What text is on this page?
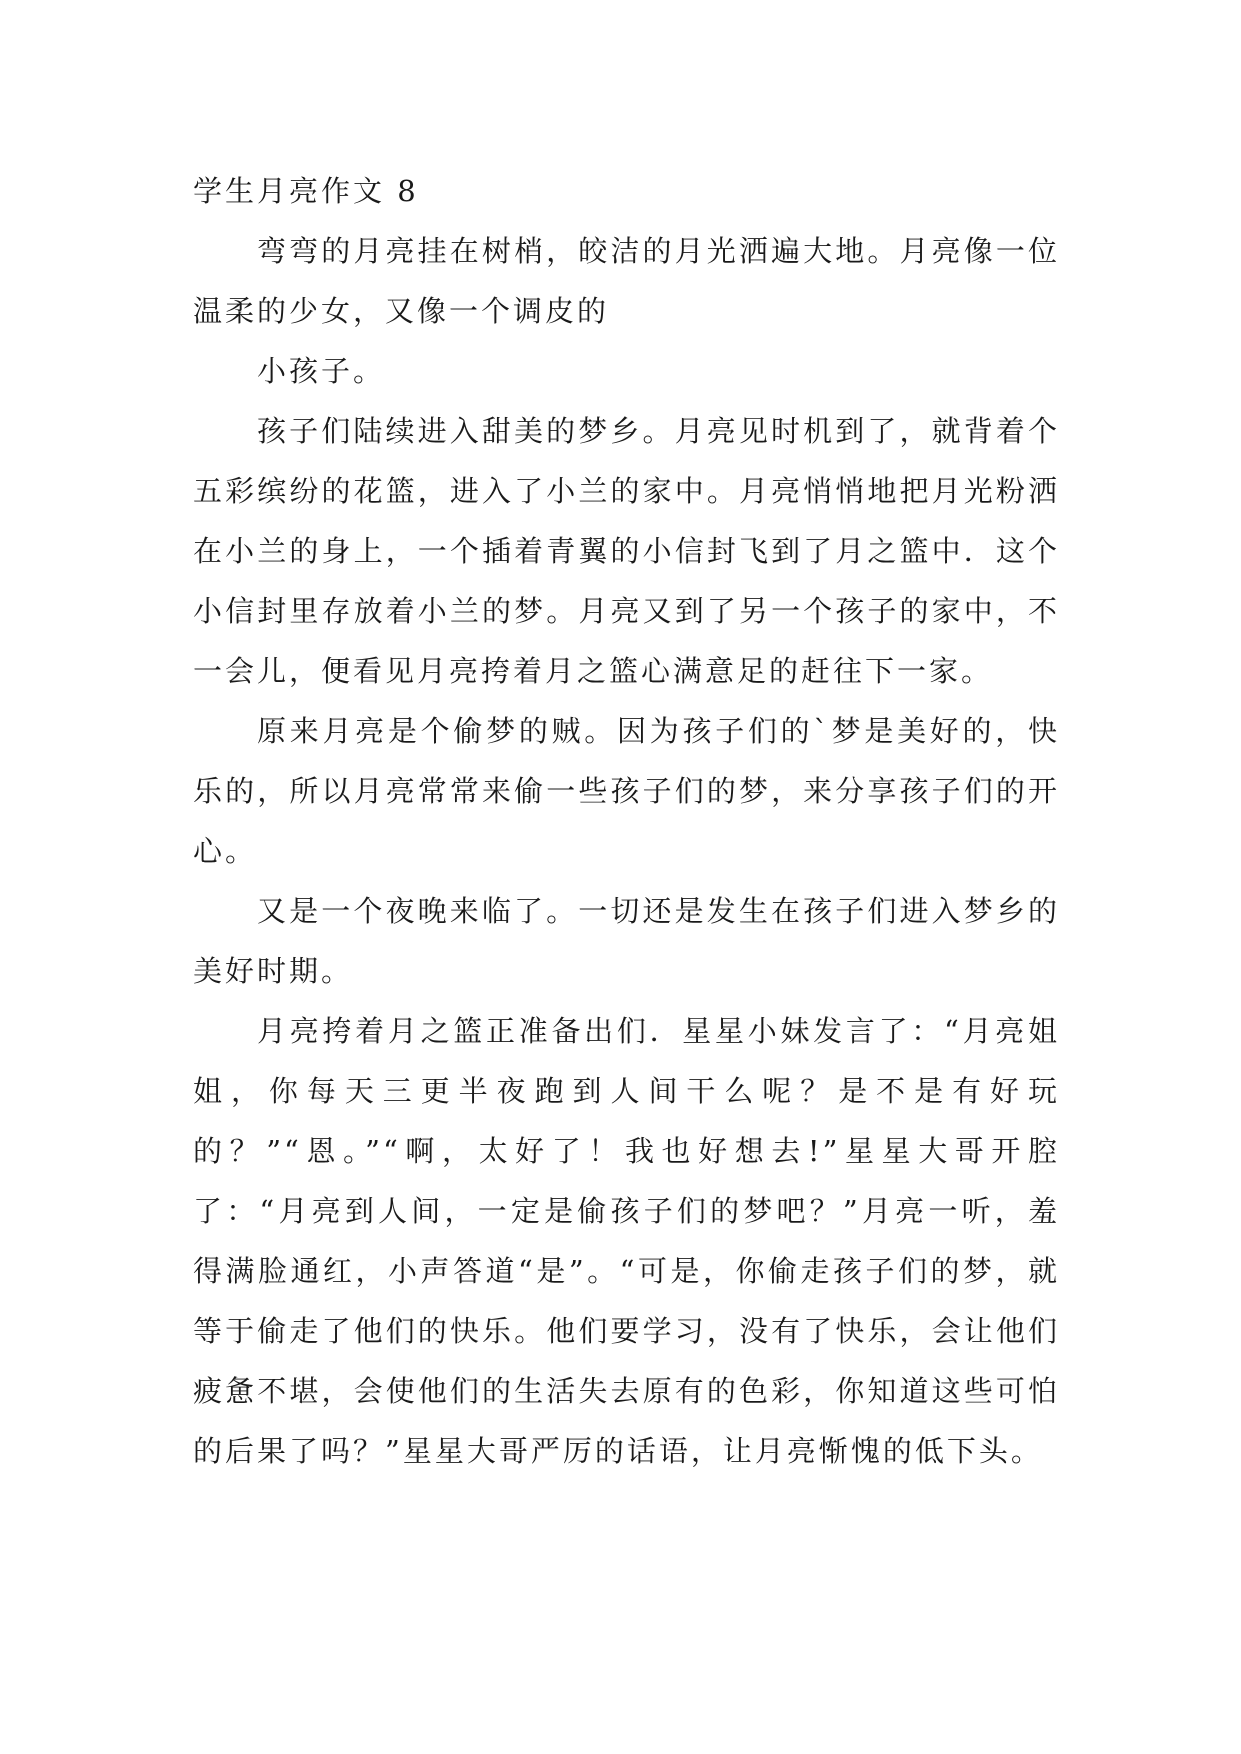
学生月亮作文 8

弯弯的月亮挂在树梢，皎洁的月光洒遍大地。月亮像一位温柔的少女，又像一个调皮的

小孩子。

孩子们陆续进入甜美的梦乡。月亮见时机到了，就背着个五彩缤纷的花篮，进入了小兰的家中。月亮悄悄地把月光粉洒在小兰的身上，一个插着青翼的小信封飞到了月之篮中．这个小信封里存放着小兰的梦。月亮又到了另一个孩子的家中，不一会儿，便看见月亮挎着月之篮心满意足的赶往下一家。

原来月亮是个偷梦的贼。因为孩子们的`梦是美好的，快乐的，所以月亮常常来偷一些孩子们的梦，来分享孩子们的开心。

又是一个夜晚来临了。一切还是发生在孩子们进入梦乡的美好时期。

月亮挎着月之篮正准备出们．星星小妹发言了：“月亮姐姐，你每天三更半夜跑到人间干么呢？是不是有好玩的？”“恩。”“啊，太好了！我也好想去!”星星大哥开腔了：“月亮到人间，一定是偷孩子们的梦吧？”月亮一听，羞得满脸通红，小声答道“是”。“可是，你偷走孩子们的梦，就等于偷走了他们的快乐。他们要学习，没有了快乐，会让他们疲惫不堪，会使他们的生活失去原有的色彩，你知道这些可怕的后果了吗？”星星大哥严厉的话语，让月亮惭愧的低下头。
